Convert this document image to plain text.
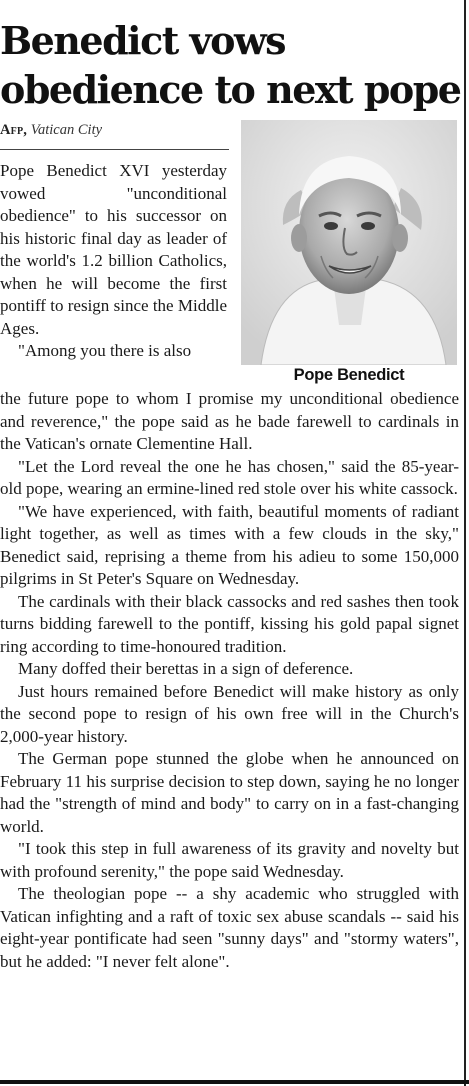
Benedict vows obedience to next pope
Afp, Vatican City
Pope Benedict

Pope Benedict XVI yesterday vowed "unconditional obedience" to his successor on his historic final day as leader of the world's 1.2 billion Catholics, when he will become the first pontiff to resign since the Middle Ages.

"Among you there is also

the future pope to whom I promise my unconditional obedience and reverence," the pope said as he bade farewell to cardinals in the Vatican's ornate Clementine Hall.

"Let the Lord reveal the one he has chosen," said the 85-year-old pope, wearing an ermine-lined red stole over his white cassock.

"We have experienced, with faith, beautiful moments of radiant light together, as well as times with a few clouds in the sky," Benedict said, reprising a theme from his adieu to some 150,000 pilgrims in St Peter's Square on Wednesday.

The cardinals with their black cassocks and red sashes then took turns bidding farewell to the pontiff, kissing his gold papal signet ring according to time-honoured tradition.

Many doffed their berettas in a sign of deference.

Just hours remained before Benedict will make history as only the second pope to resign of his own free will in the Church's 2,000-year history.

The German pope stunned the globe when he announced on February 11 his surprise decision to step down, saying he no longer had the "strength of mind and body" to carry on in a fast-changing world.

"I took this step in full awareness of its gravity and novelty but with profound serenity," the pope said Wednesday.

The theologian pope -- a shy academic who struggled with Vatican infighting and a raft of toxic sex abuse scandals -- said his eight-year pontificate had seen "sunny days" and "stormy waters", but he added: "I never felt alone".
